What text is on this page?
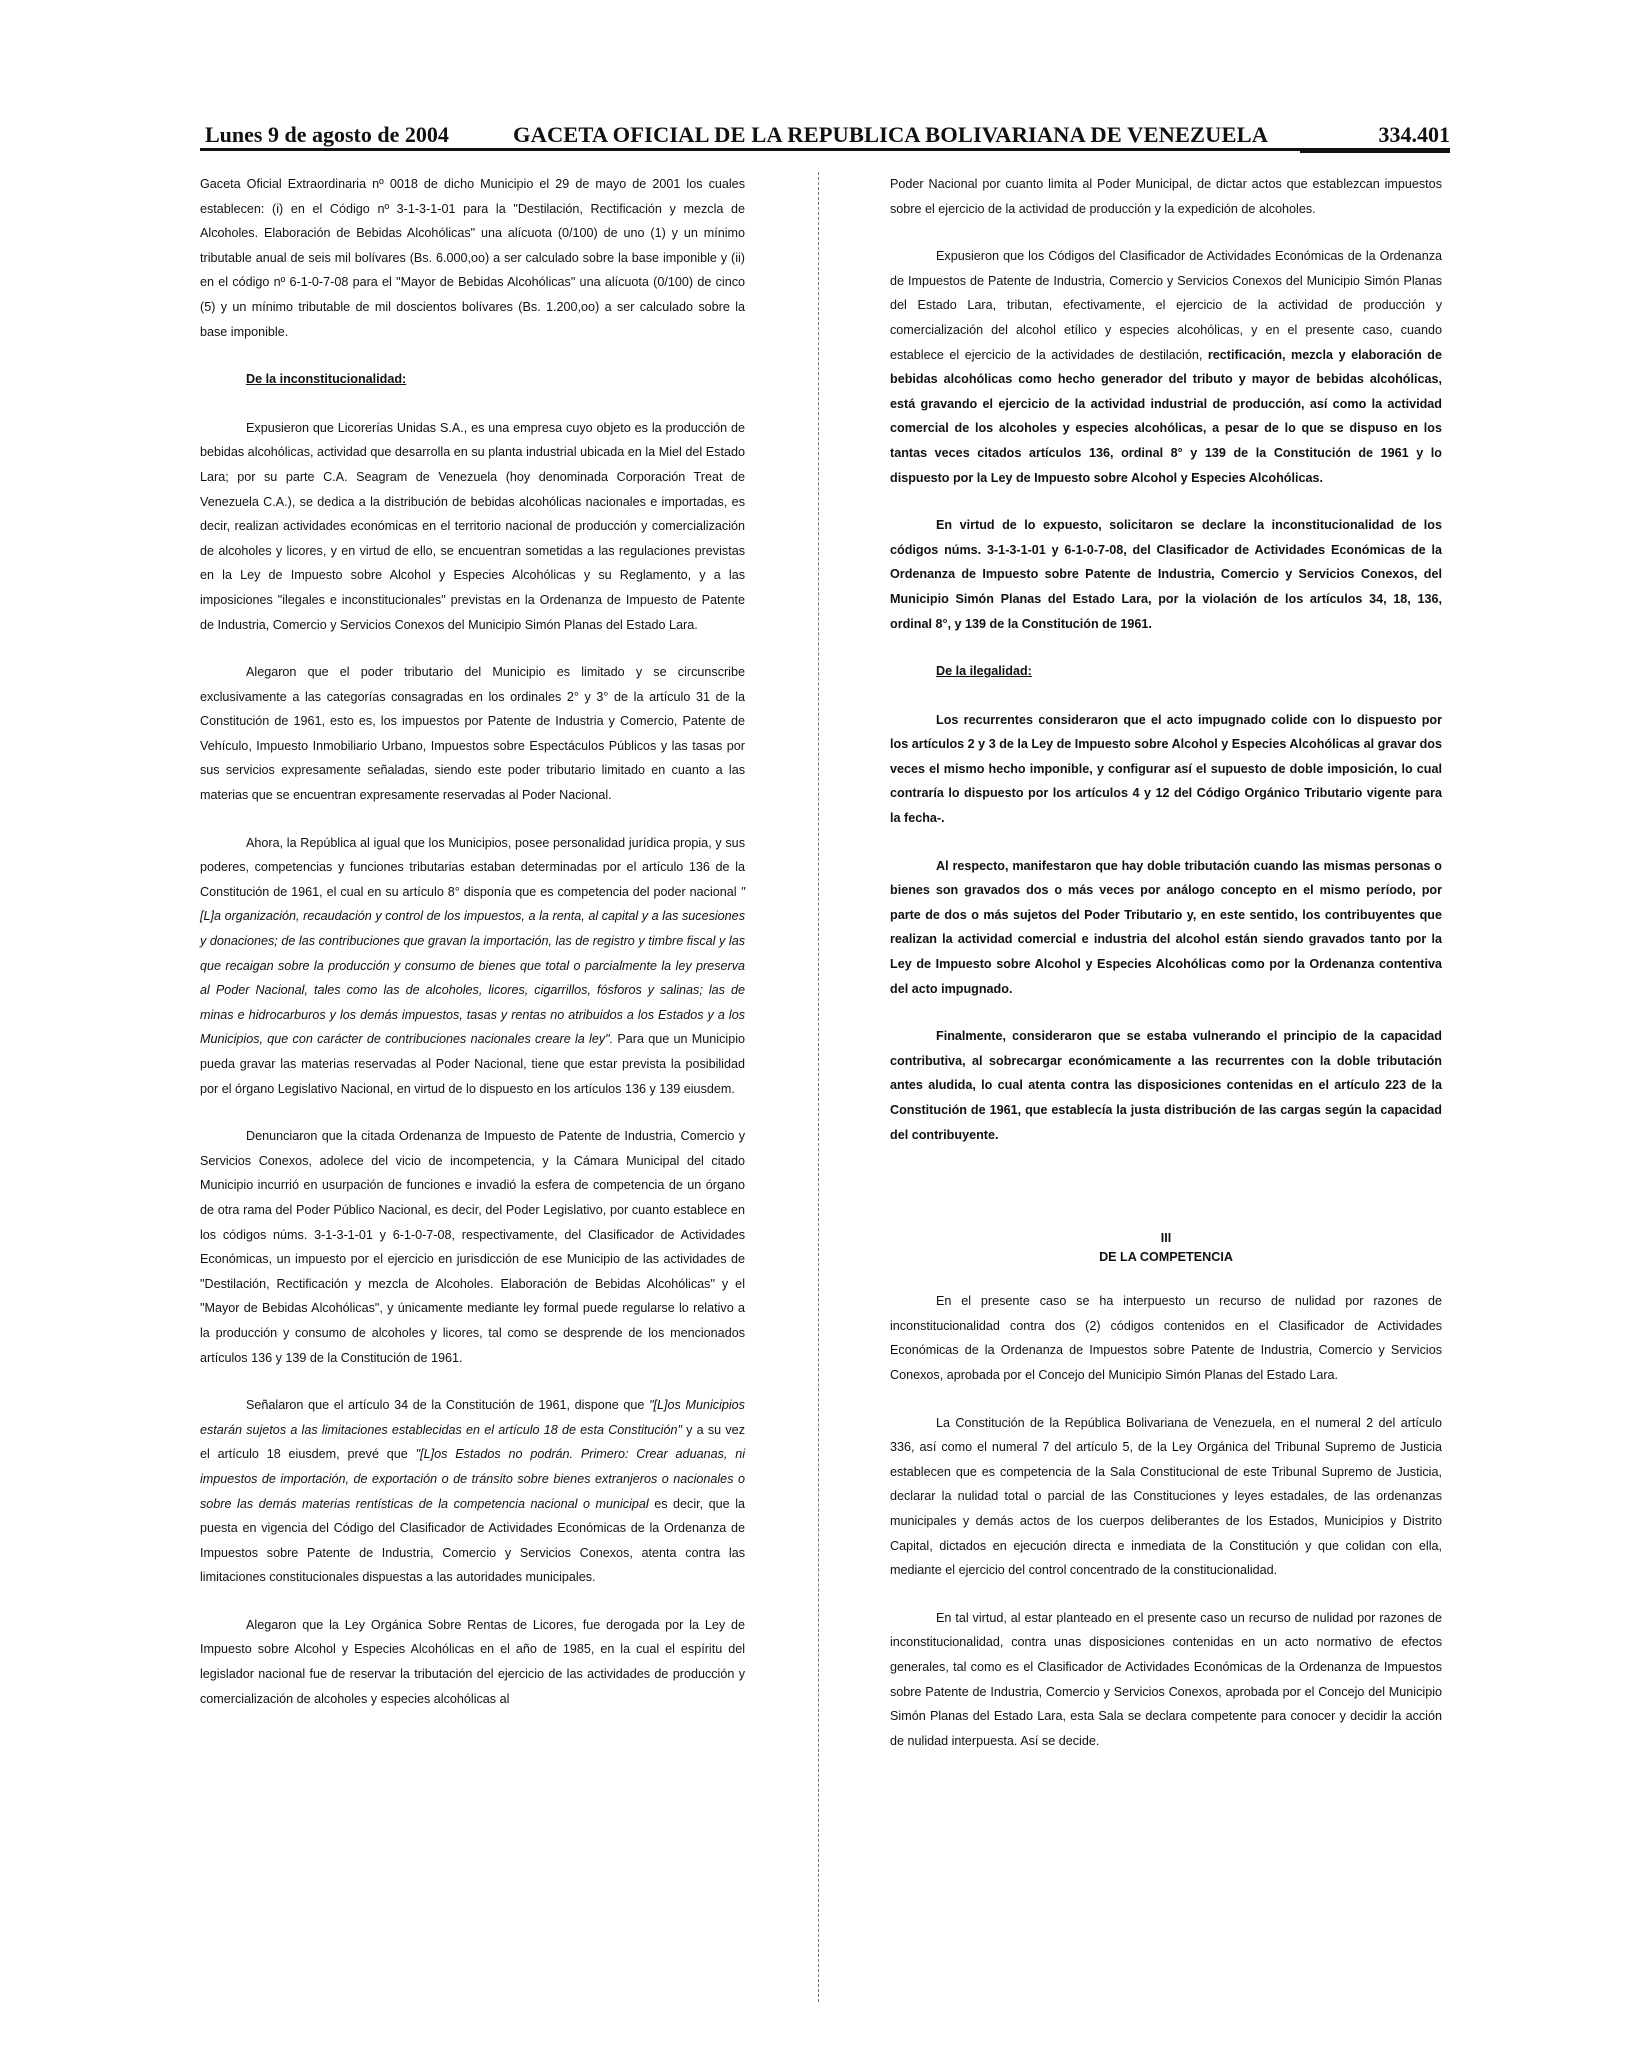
Lunes 9 de agosto de 2004	GACETA OFICIAL DE LA REPUBLICA BOLIVARIANA DE VENEZUELA	334.401

Gaceta Oficial Extraordinaria nº 0018 de dicho Municipio el 29 de mayo de 2001 los cuales establecen: (i) en el Código nº 3-1-3-1-01 para la "Destilación, Rectificación y mezcla de Alcoholes. Elaboración de Bebidas Alcohólicas" una alícuota (0/100) de uno (1) y un mínimo tributable anual de seis mil bolívares (Bs. 6.000,oo) a ser calculado sobre la base imponible y (ii) en el código nº 6-1-0-7-08 para el "Mayor de Bebidas Alcohólicas" una alícuota (0/100) de cinco (5) y un mínimo tributable de mil doscientos bolívares (Bs. 1.200,oo) a ser calculado sobre la base imponible.

De la inconstitucionalidad:

Expusieron que Licorerías Unidas S.A., es una empresa cuyo objeto es la producción de bebidas alcohólicas, actividad que desarrolla en su planta industrial ubicada en la Miel del Estado Lara; por su parte C.A. Seagram de Venezuela (hoy denominada Corporación Treat de Venezuela C.A.), se dedica a la distribución de bebidas alcohólicas nacionales e importadas, es decir, realizan actividades económicas en el territorio nacional de producción y comercialización de alcoholes y licores, y en virtud de ello, se encuentran sometidas a las regulaciones previstas en la Ley de Impuesto sobre Alcohol y Especies Alcohólicas y su Reglamento, y a las imposiciones "ilegales e inconstitucionales" previstas en la Ordenanza de Impuesto de Patente de Industria, Comercio y Servicios Conexos del Municipio Simón Planas del Estado Lara.

Alegaron que el poder tributario del Municipio es limitado y se circunscribe exclusivamente a las categorías consagradas en los ordinales 2° y 3° de la artículo 31 de la Constitución de 1961, esto es, los impuestos por Patente de Industria y Comercio, Patente de Vehículo, Impuesto Inmobiliario Urbano, Impuestos sobre Espectáculos Públicos y las tasas por sus servicios expresamente señaladas, siendo este poder tributario limitado en cuanto a las materias que se encuentran expresamente reservadas al Poder Nacional.

Ahora, la República al igual que los Municipios, posee personalidad jurídica propia, y sus poderes, competencias y funciones tributarias estaban determinadas por el artículo 136 de la Constitución de 1961, el cual en su artículo 8° disponía que es competencia del poder nacional "[L]a organización, recaudación y control de los impuestos, a la renta, al capital y a las sucesiones y donaciones; de las contribuciones que gravan la importación, las de registro y timbre fiscal y las que recaigan sobre la producción y consumo de bienes que total o parcialmente la ley preserva al Poder Nacional, tales como las de alcoholes, licores, cigarrillos, fósforos y salinas; las de minas e hidrocarburos y los demás impuestos, tasas y rentas no atribuidos a los Estados y a los Municipios, que con carácter de contribuciones nacionales creare la ley". Para que un Municipio pueda gravar las materias reservadas al Poder Nacional, tiene que estar prevista la posibilidad por el órgano Legislativo Nacional, en virtud de lo dispuesto en los artículos 136 y 139 eiusdem.

Denunciaron que la citada Ordenanza de Impuesto de Patente de Industria, Comercio y Servicios Conexos, adolece del vicio de incompetencia, y la Cámara Municipal del citado Municipio incurrió en usurpación de funciones e invadió la esfera de competencia de un órgano de otra rama del Poder Público Nacional, es decir, del Poder Legislativo, por cuanto establece en los códigos núms. 3-1-3-1-01 y 6-1-0-7-08, respectivamente, del Clasificador de Actividades Económicas, un impuesto por el ejercicio en jurisdicción de ese Municipio de las actividades de "Destilación, Rectificación y mezcla de Alcoholes. Elaboración de Bebidas Alcohólicas" y el "Mayor de Bebidas Alcohólicas", y únicamente mediante ley formal puede regularse lo relativo a la producción y consumo de alcoholes y licores, tal como se desprende de los mencionados artículos 136 y 139 de la Constitución de 1961.

Señalaron que el artículo 34 de la Constitución de 1961, dispone que "[L]os Municipios estarán sujetos a las limitaciones establecidas en el artículo 18 de esta Constitución" y a su vez el artículo 18 eiusdem, prevé que "[L]os Estados no podrán. Primero: Crear aduanas, ni impuestos de importación, de exportación o de tránsito sobre bienes extranjeros o nacionales o sobre las demás materias rentísticas de la competencia nacional o municipal es decir, que la puesta en vigencia del Código del Clasificador de Actividades Económicas de la Ordenanza de Impuestos sobre Patente de Industria, Comercio y Servicios Conexos, atenta contra las limitaciones constitucionales dispuestas a las autoridades municipales.

Alegaron que la Ley Orgánica Sobre Rentas de Licores, fue derogada por la Ley de Impuesto sobre Alcohol y Especies Alcohólicas en el año de 1985, en la cual el espíritu del legislador nacional fue de reservar la tributación del ejercicio de las actividades de producción y comercialización de alcoholes y especies alcohólicas al

Poder Nacional por cuanto limita al Poder Municipal, de dictar actos que establezcan impuestos sobre el ejercicio de la actividad de producción y la expedición de alcoholes.

Expusieron que los Códigos del Clasificador de Actividades Económicas de la Ordenanza de Impuestos de Patente de Industria, Comercio y Servicios Conexos del Municipio Simón Planas del Estado Lara, tributan, efectivamente, el ejercicio de la actividad de producción y comercialización del alcohol etílico y especies alcohólicas, y en el presente caso, cuando establece el ejercicio de la actividades de destilación, rectificación, mezcla y elaboración de bebidas alcohólicas como hecho generador del tributo y mayor de bebidas alcohólicas, está gravando el ejercicio de la actividad industrial de producción, así como la actividad comercial de los alcoholes y especies alcohólicas, a pesar de lo que se dispuso en los tantas veces citados artículos 136, ordinal 8° y 139 de la Constitución de 1961 y lo dispuesto por la Ley de Impuesto sobre Alcohol y Especies Alcohólicas.

En virtud de lo expuesto, solicitaron se declare la inconstitucionalidad de los códigos núms. 3-1-3-1-01 y 6-1-0-7-08, del Clasificador de Actividades Económicas de la Ordenanza de Impuesto sobre Patente de Industria, Comercio y Servicios Conexos, del Municipio Simón Planas del Estado Lara, por la violación de los artículos 34, 18, 136, ordinal 8°, y 139 de la Constitución de 1961.

De la ilegalidad:

Los recurrentes consideraron que el acto impugnado colide con lo dispuesto por los artículos 2 y 3 de la Ley de Impuesto sobre Alcohol y Especies Alcohólicas al gravar dos veces el mismo hecho imponible, y configurar así el supuesto de doble imposición, lo cual contraría lo dispuesto por los artículos 4 y 12 del Código Orgánico Tributario vigente para la fecha-.

Al respecto, manifestaron que hay doble tributación cuando las mismas personas o bienes son gravados dos o más veces por análogo concepto en el mismo período, por parte de dos o más sujetos del Poder Tributario y, en este sentido, los contribuyentes que realizan la actividad comercial e industria del alcohol están siendo gravados tanto por la Ley de Impuesto sobre Alcohol y Especies Alcohólicas como por la Ordenanza contentiva del acto impugnado.

Finalmente, consideraron que se estaba vulnerando el principio de la capacidad contributiva, al sobrecargar económicamente a las recurrentes con la doble tributación antes aludida, lo cual atenta contra las disposiciones contenidas en el artículo 223 de la Constitución de 1961, que establecía la justa distribución de las cargas según la capacidad del contribuyente.

III
DE LA COMPETENCIA

En el presente caso se ha interpuesto un recurso de nulidad por razones de inconstitucionalidad contra dos (2) códigos contenidos en el Clasificador de Actividades Económicas de la Ordenanza de Impuestos sobre Patente de Industria, Comercio y Servicios Conexos, aprobada por el Concejo del Municipio Simón Planas del Estado Lara.

La Constitución de la República Bolivariana de Venezuela, en el numeral 2 del artículo 336, así como el numeral 7 del artículo 5, de la Ley Orgánica del Tribunal Supremo de Justicia establecen que es competencia de la Sala Constitucional de este Tribunal Supremo de Justicia, declarar la nulidad total o parcial de las Constituciones y leyes estadales, de las ordenanzas municipales y demás actos de los cuerpos deliberantes de los Estados, Municipios y Distrito Capital, dictados en ejecución directa e inmediata de la Constitución y que colidan con ella, mediante el ejercicio del control concentrado de la constitucionalidad.

En tal virtud, al estar planteado en el presente caso un recurso de nulidad por razones de inconstitucionalidad, contra unas disposiciones contenidas en un acto normativo de efectos generales, tal como es el Clasificador de Actividades Económicas de la Ordenanza de Impuestos sobre Patente de Industria, Comercio y Servicios Conexos, aprobada por el Concejo del Municipio Simón Planas del Estado Lara, esta Sala se declara competente para conocer y decidir la acción de nulidad interpuesta. Así se decide.
